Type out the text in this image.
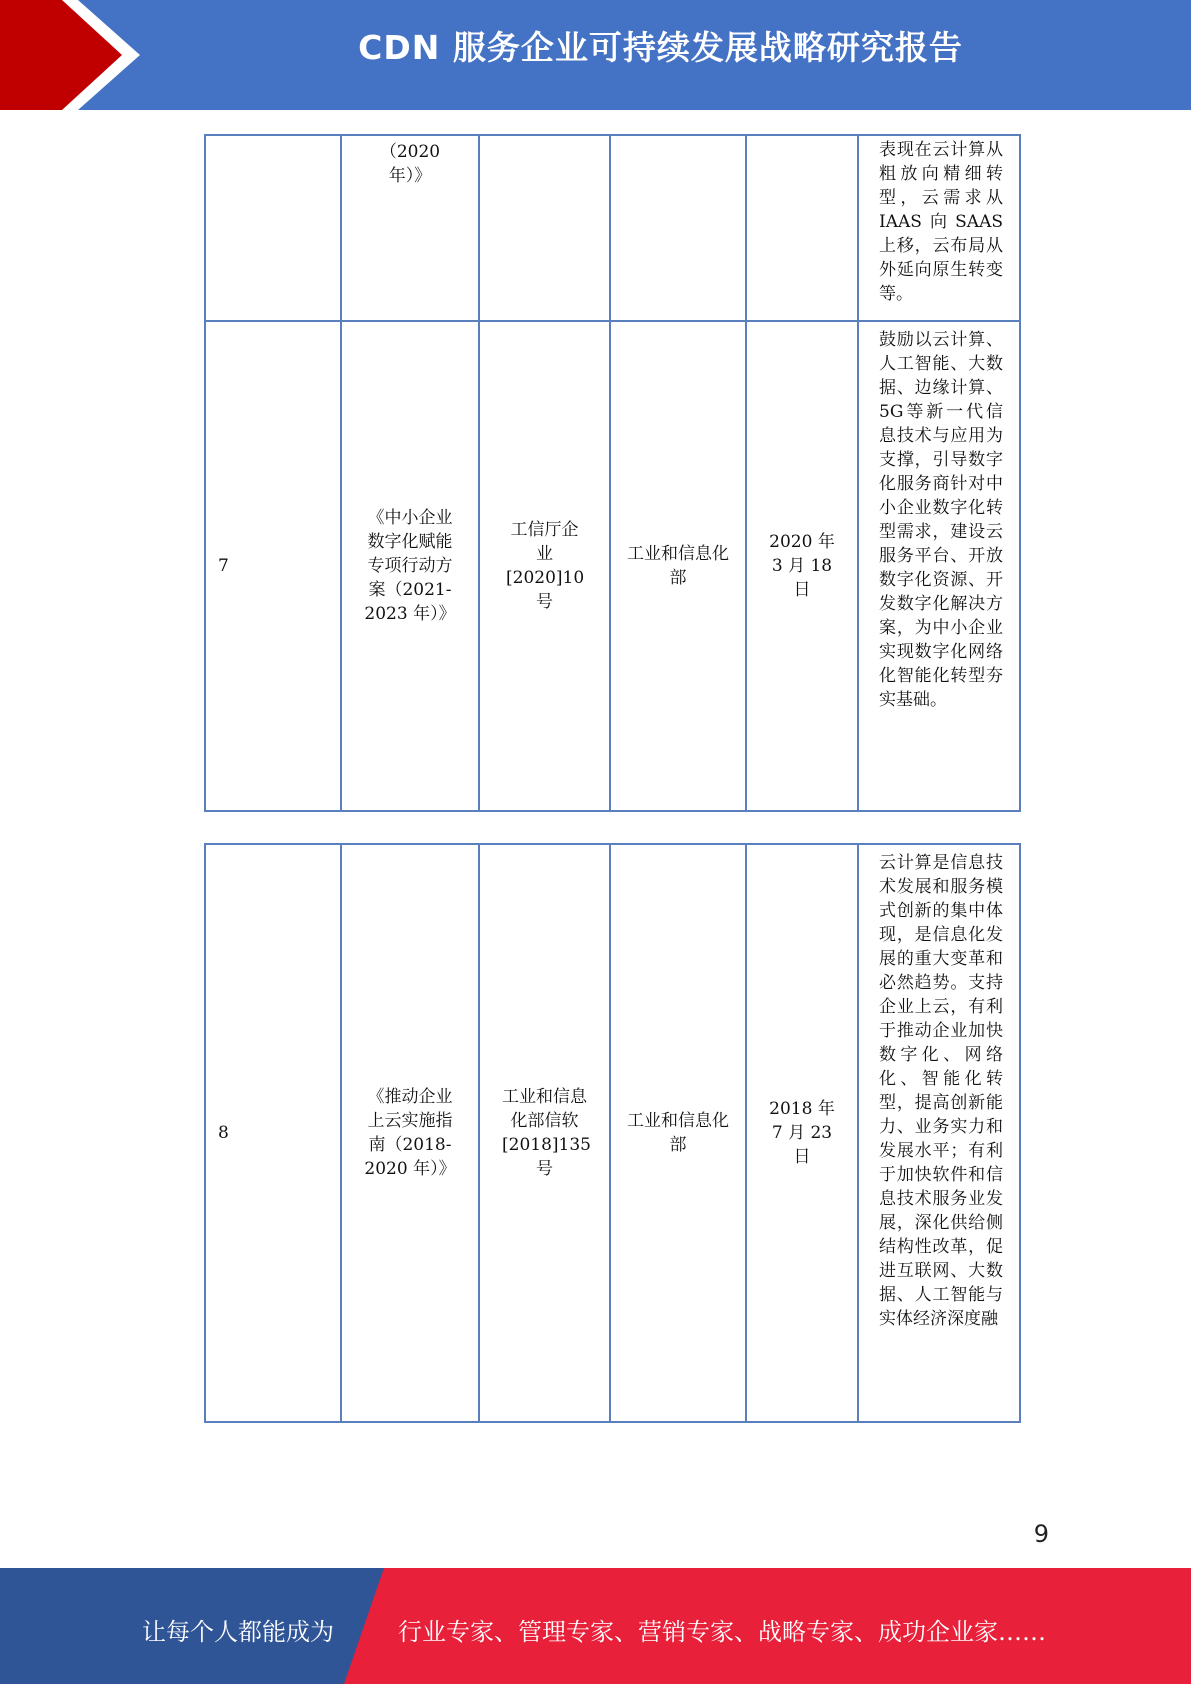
CDN 服务企业可持续发展战略研究报告
	（2020 年）》				表现在云计算从粗放向精细转型，云需求从IAAS向SAAS上移，云布局从外延向原生转变等。
7	《中小企业数字化赋能专项行动方案（2021-2023 年）》	工信厅企业[2020]10号	工业和信息化部	2020 年 3 月 18 日	鼓励以云计算、人工智能、大数据、边缘计算、5G等新一代信息技术与应用为支撑，引导数字化服务商针对中小企业数字化转型需求，建设云服务平台、开放数字化资源、开发数字化解决方案，为中小企业实现数字化网络化智能化转型夯实基础。
8	《推动企业上云实施指南（2018-2020 年）》	工业和信息化部信软[2018]135号	工业和信息化部	2018 年 7 月 23 日	云计算是信息技术发展和服务模式创新的集中体现，是信息化发展的重大变革和必然趋势。支持企业上云，有利于推动企业加快数字化、网络化、智能化转型，提高创新能力、业务实力和发展水平；有利于加快软件和信息技术服务业发展，深化供给侧结构性改革，促进互联网、大数据、人工智能与实体经济深度融
9
让每个人都能成为	行业专家、管理专家、营销专家、战略专家、成功企业家……
